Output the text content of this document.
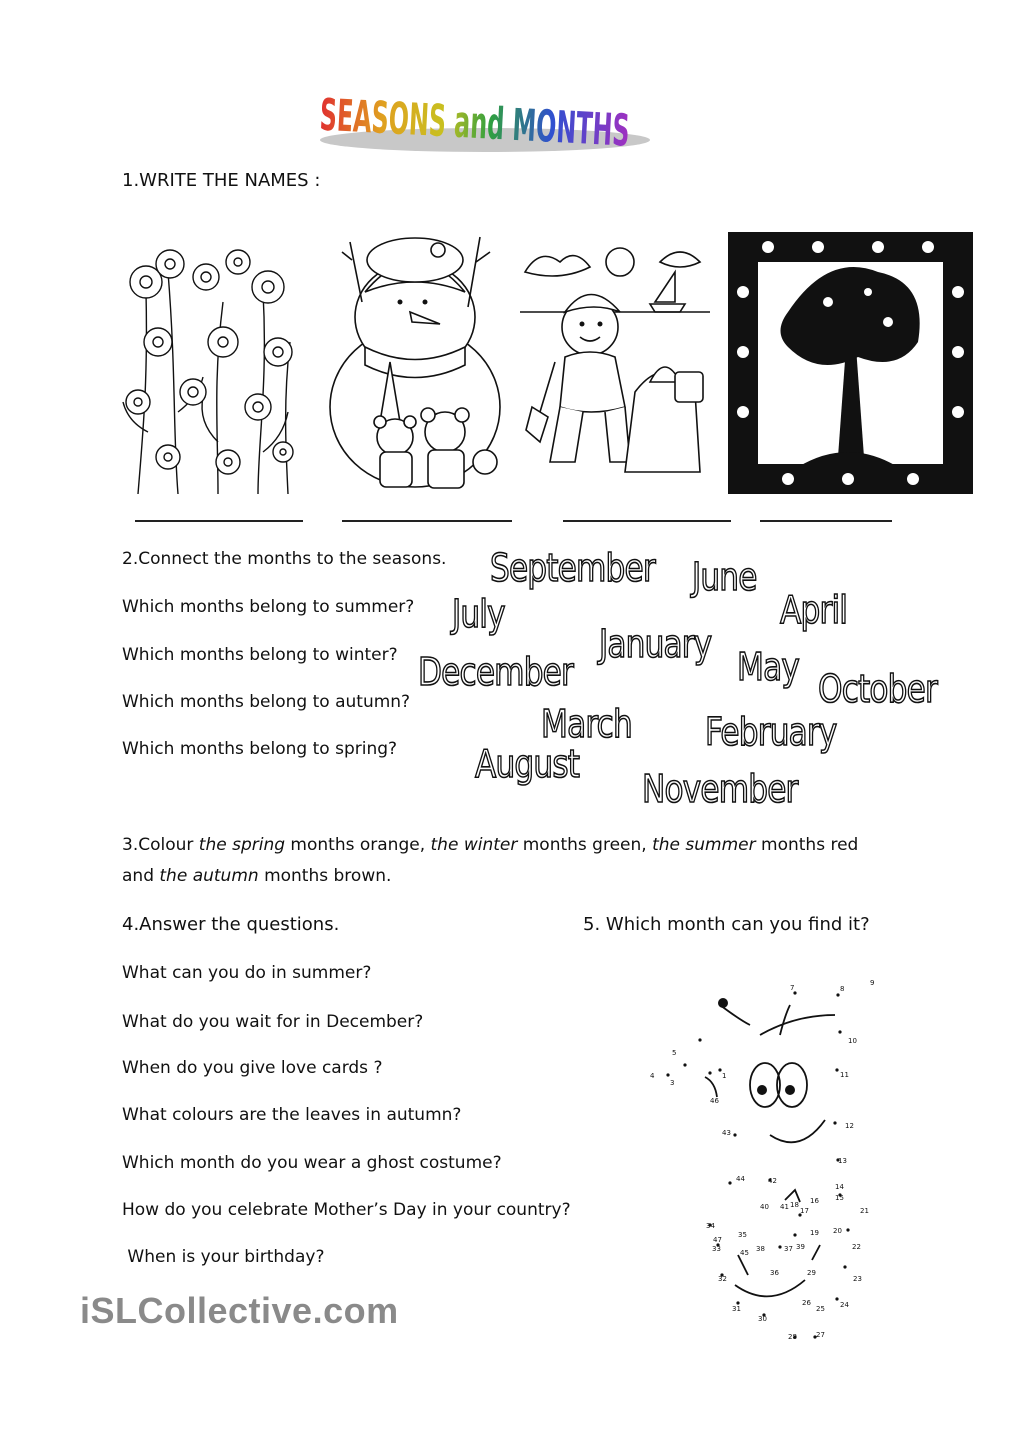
SEASONS and MONTHS
1.WRITE THE NAMES :
2.Connect the months to the seasons.
Which months belong to summer?
Which months belong to winter?
Which months belong to autumn?
Which months belong to spring?
September June
July	April
January
December	May October
March February
August
November
3.Colour the spring months orange, the winter months green, the summer months red
and the autumn months brown.
4.Answer the questions.
What can you do in summer?
What do you wait for in December?
When do you give love cards ?
What colours are the leaves in autumn?
Which month do you wear a ghost costume?
How do you celebrate Mother’s Day in your country?
When is your birthday?
5. Which month can you find it?
7	8
9
10
11
12
13
14
15
16
17
18
19 20
21
22
23
24
25
26
27
28
29
30
31
32
33
34
35
36
37
38	39
40 41
42
43
44
46
4
3
5
1
45
47
iSLCollective.com
